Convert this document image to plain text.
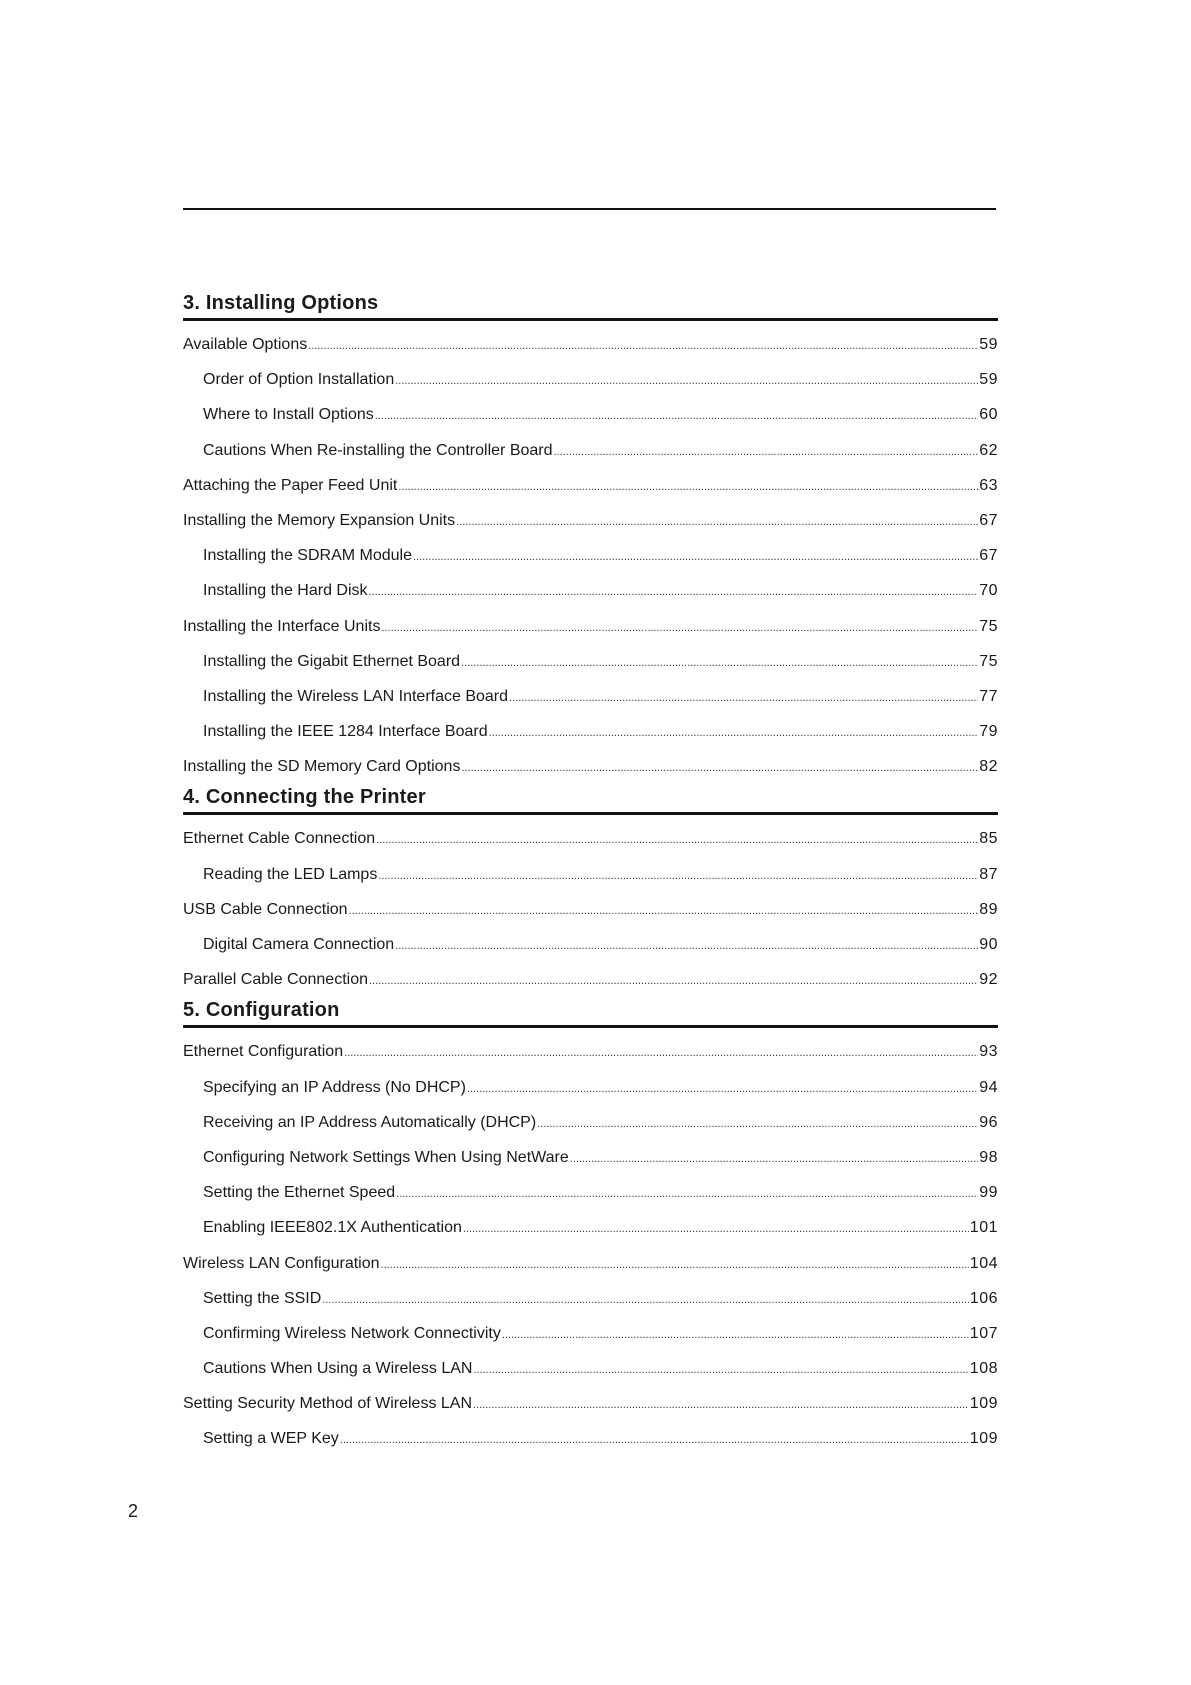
3. Installing Options
Available Options .....	59
Order of Option Installation .....	59
Where to Install Options .....	60
Cautions When Re-installing the Controller Board .....	62
Attaching the Paper Feed Unit .....	63
Installing the Memory Expansion Units .....	67
Installing the SDRAM Module .....	67
Installing the Hard Disk .....	70
Installing the Interface Units .....	75
Installing the Gigabit Ethernet Board .....	75
Installing the Wireless LAN Interface Board .....	77
Installing the IEEE 1284 Interface Board .....	79
Installing the SD Memory Card Options .....	82
4. Connecting the Printer
Ethernet Cable Connection .....	85
Reading the LED Lamps .....	87
USB Cable Connection .....	89
Digital Camera Connection .....	90
Parallel Cable Connection .....	92
5. Configuration
Ethernet Configuration .....	93
Specifying an IP Address (No DHCP) .....	94
Receiving an IP Address Automatically (DHCP) .....	96
Configuring Network Settings When Using NetWare .....	98
Setting the Ethernet Speed .....	99
Enabling IEEE802.1X Authentication .....	101
Wireless LAN Configuration .....	104
Setting the SSID .....	106
Confirming Wireless Network Connectivity .....	107
Cautions When Using a Wireless LAN .....	108
Setting Security Method of Wireless LAN .....	109
Setting a WEP Key .....	109
2
